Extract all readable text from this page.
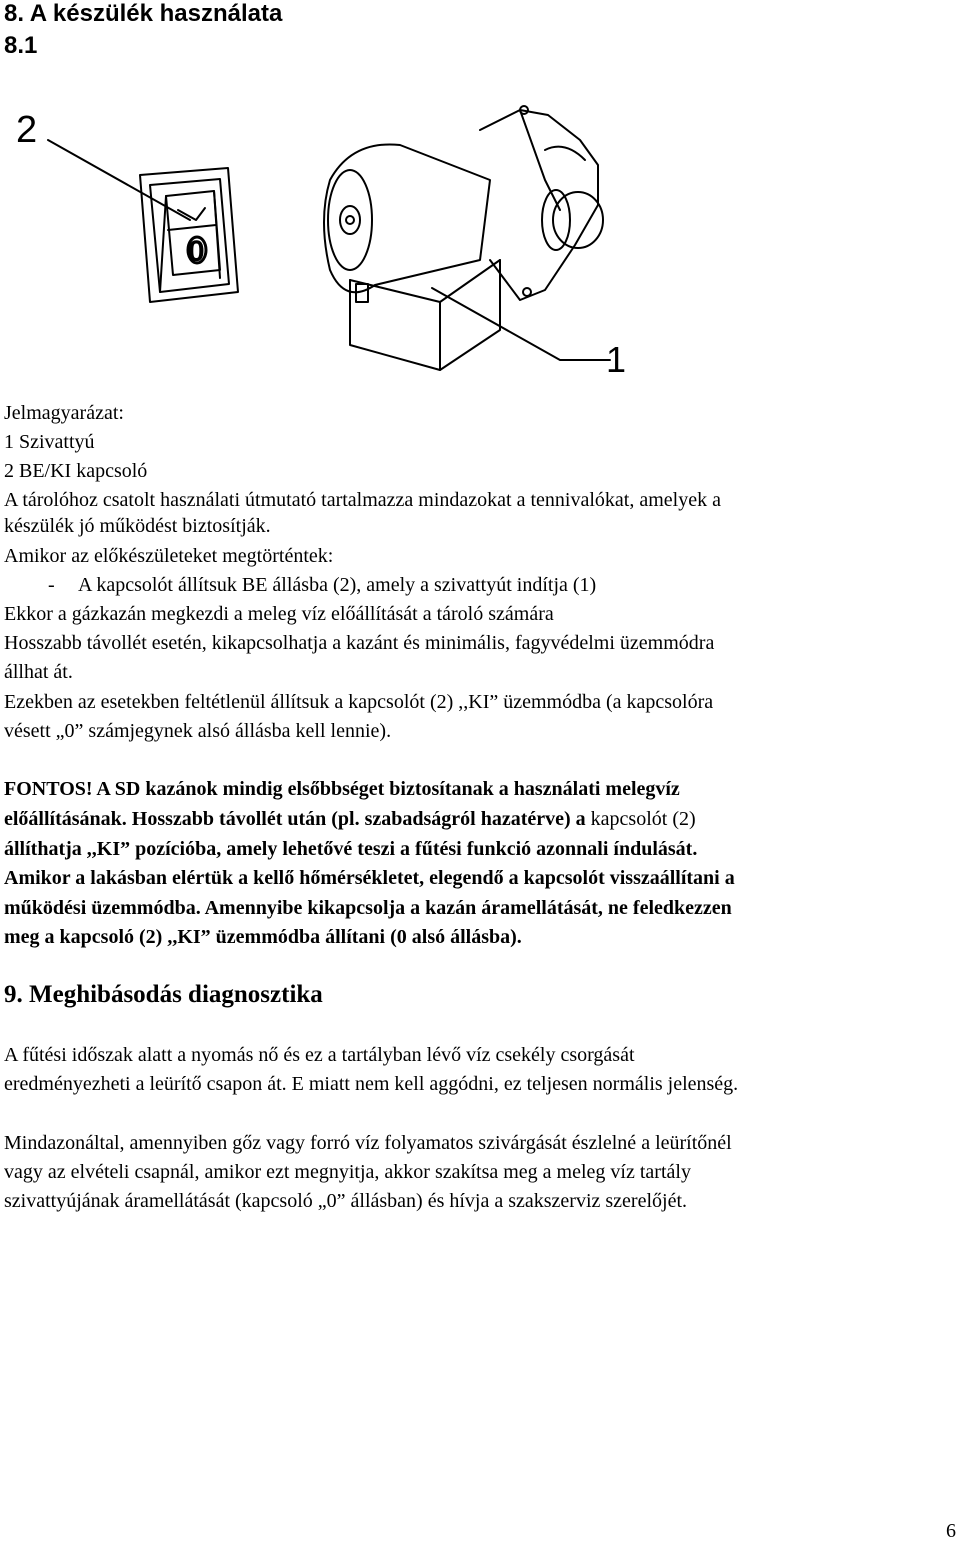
8. A készülék használata
8.1
2
1
0
Jelmagyarázat:
1 Szivattyú
2 BE/KI kapcsoló
A tárolóhoz csatolt használati útmutató tartalmazza mindazokat a tennivalókat, amelyek a
készülék jó működést biztosítják.
Amikor az előkészületeket megtörténtek:
- A kapcsolót állítsuk BE állásba (2), amely a szivattyút indítja (1)
Ekkor a gázkazán megkezdi a meleg víz előállítását a tároló számára
Hosszabb távollét esetén, kikapcsolhatja a kazánt és minimális, fagyvédelmi üzemmódra
állhat át.
Ezekben az esetekben feltétlenül állítsuk a kapcsolót (2) ,,KI” üzemmódba (a kapcsolóra
vésett „0” számjegynek alsó állásba kell lennie).
FONTOS! A SD kazánok mindig elsőbbséget biztosítanak a használati melegvíz
előállításának. Hosszabb távollét után (pl. szabadságról hazatérve) a kapcsolót (2)
állíthatja ,,KI” pozícióba, amely lehetővé teszi a fűtési funkció azonnali índulását.
Amikor a lakásban elértük a kellő hőmérsékletet, elegendő a kapcsolót visszaállítani a
működési üzemmódba. Amennyibe kikapcsolja a kazán áramellátását, ne feledkezzen
meg a kapcsoló (2) ,,KI” üzemmódba állítani (0 alsó állásba).
9. Meghibásodás diagnosztika
A fűtési időszak alatt a nyomás nő és ez a tartályban lévő víz csekély csorgását
eredményezheti a leürítő csapon át. E miatt nem kell aggódni, ez teljesen normális jelenség.
Mindazonáltal, amennyiben gőz vagy forró víz folyamatos szivárgását észlelné a leürítőnél
vagy az elvételi csapnál, amikor ezt megnyitja, akkor szakítsa meg a meleg víz tartály
szivattyújának áramellátását (kapcsoló „0” állásban) és hívja a szakszerviz szerelőjét.
6
